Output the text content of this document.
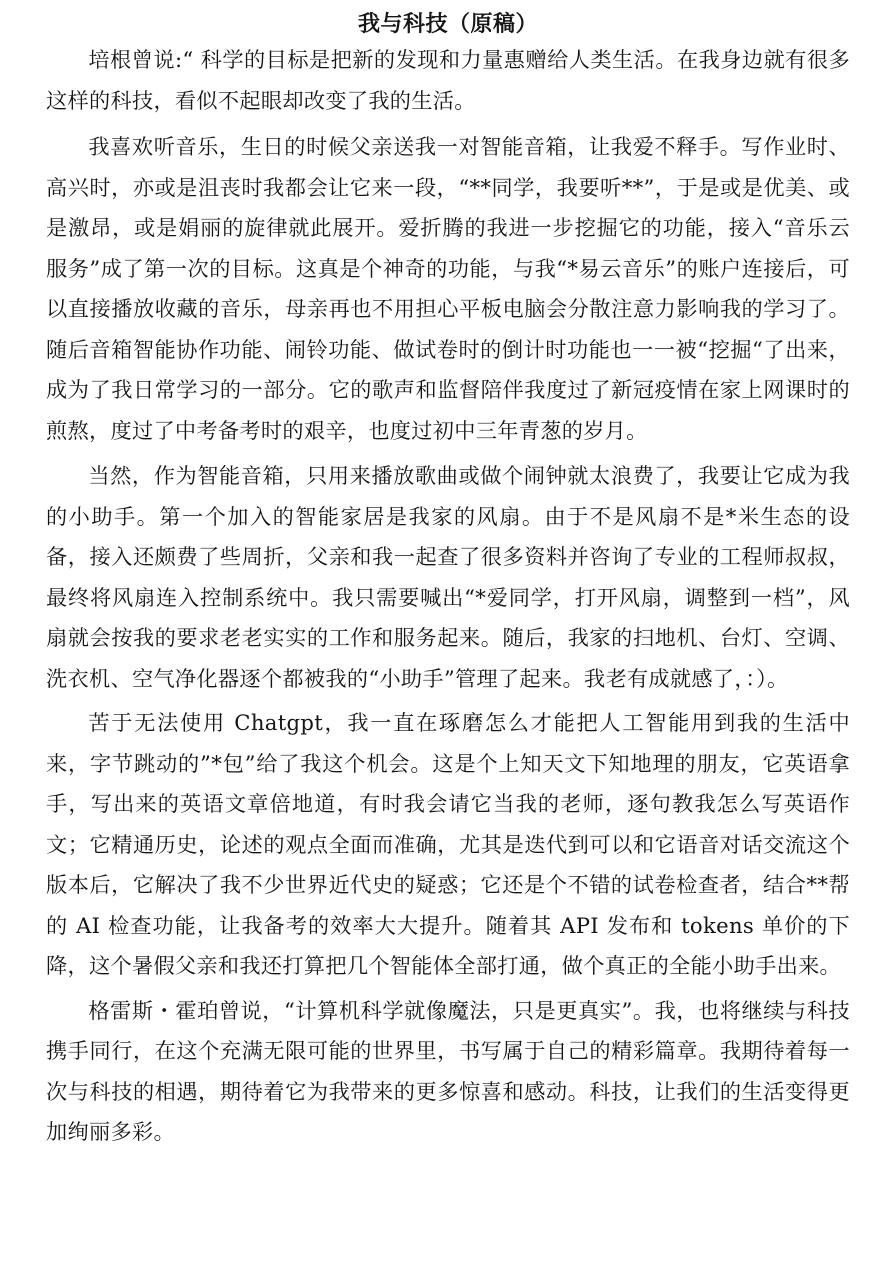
我与科技（原稿）

培根曾说:“ 科学的目标是把新的发现和力量惠赠给人类生活。在我身边就有很多这样的科技，看似不起眼却改变了我的生活。

我喜欢听音乐，生日的时候父亲送我一对智能音箱，让我爱不释手。写作业时、高兴时，亦或是沮丧时我都会让它来一段，“**同学，我要听**”，于是或是优美、或是激昂，或是娟丽的旋律就此展开。爱折腾的我进一步挖掘它的功能，接入“音乐云服务”成了第一次的目标。这真是个神奇的功能，与我“*易云音乐”的账户连接后，可以直接播放收藏的音乐，母亲再也不用担心平板电脑会分散注意力影响我的学习了。随后音箱智能协作功能、闹铃功能、做试卷时的倒计时功能也一一被“挖掘“了出来，成为了我日常学习的一部分。它的歌声和监督陪伴我度过了新冠疫情在家上网课时的煎熬，度过了中考备考时的艰辛，也度过初中三年青葱的岁月。

当然，作为智能音箱，只用来播放歌曲或做个闹钟就太浪费了，我要让它成为我的小助手。第一个加入的智能家居是我家的风扇。由于不是风扇不是*米生态的设备，接入还颇费了些周折，父亲和我一起查了很多资料并咨询了专业的工程师叔叔，最终将风扇连入控制系统中。我只需要喊出“*爱同学，打开风扇，调整到一档”，风扇就会按我的要求老老实实的工作和服务起来。随后，我家的扫地机、台灯、空调、洗衣机、空气净化器逐个都被我的“小助手”管理了起来。我老有成就感了，：）。

苦于无法使用 Chatgpt，我一直在琢磨怎么才能把人工智能用到我的生活中来，字节跳动的”*包”给了我这个机会。这是个上知天文下知地理的朋友，它英语拿手，写出来的英语文章倍地道，有时我会请它当我的老师，逐句教我怎么写英语作文；它精通历史，论述的观点全面而准确，尤其是迭代到可以和它语音对话交流这个版本后，它解决了我不少世界近代史的疑惑；它还是个不错的试卷检查者，结合**帮的 AI 检查功能，让我备考的效率大大提升。随着其 API 发布和 tokens 单价的下降，这个暑假父亲和我还打算把几个智能体全部打通，做个真正的全能小助手出来。

格雷斯・霍珀曾说，“计算机科学就像魔法，只是更真实”。我，也将继续与科技携手同行，在这个充满无限可能的世界里，书写属于自己的精彩篇章。我期待着每一次与科技的相遇，期待着它为我带来的更多惊喜和感动。科技，让我们的生活变得更加绚丽多彩。
